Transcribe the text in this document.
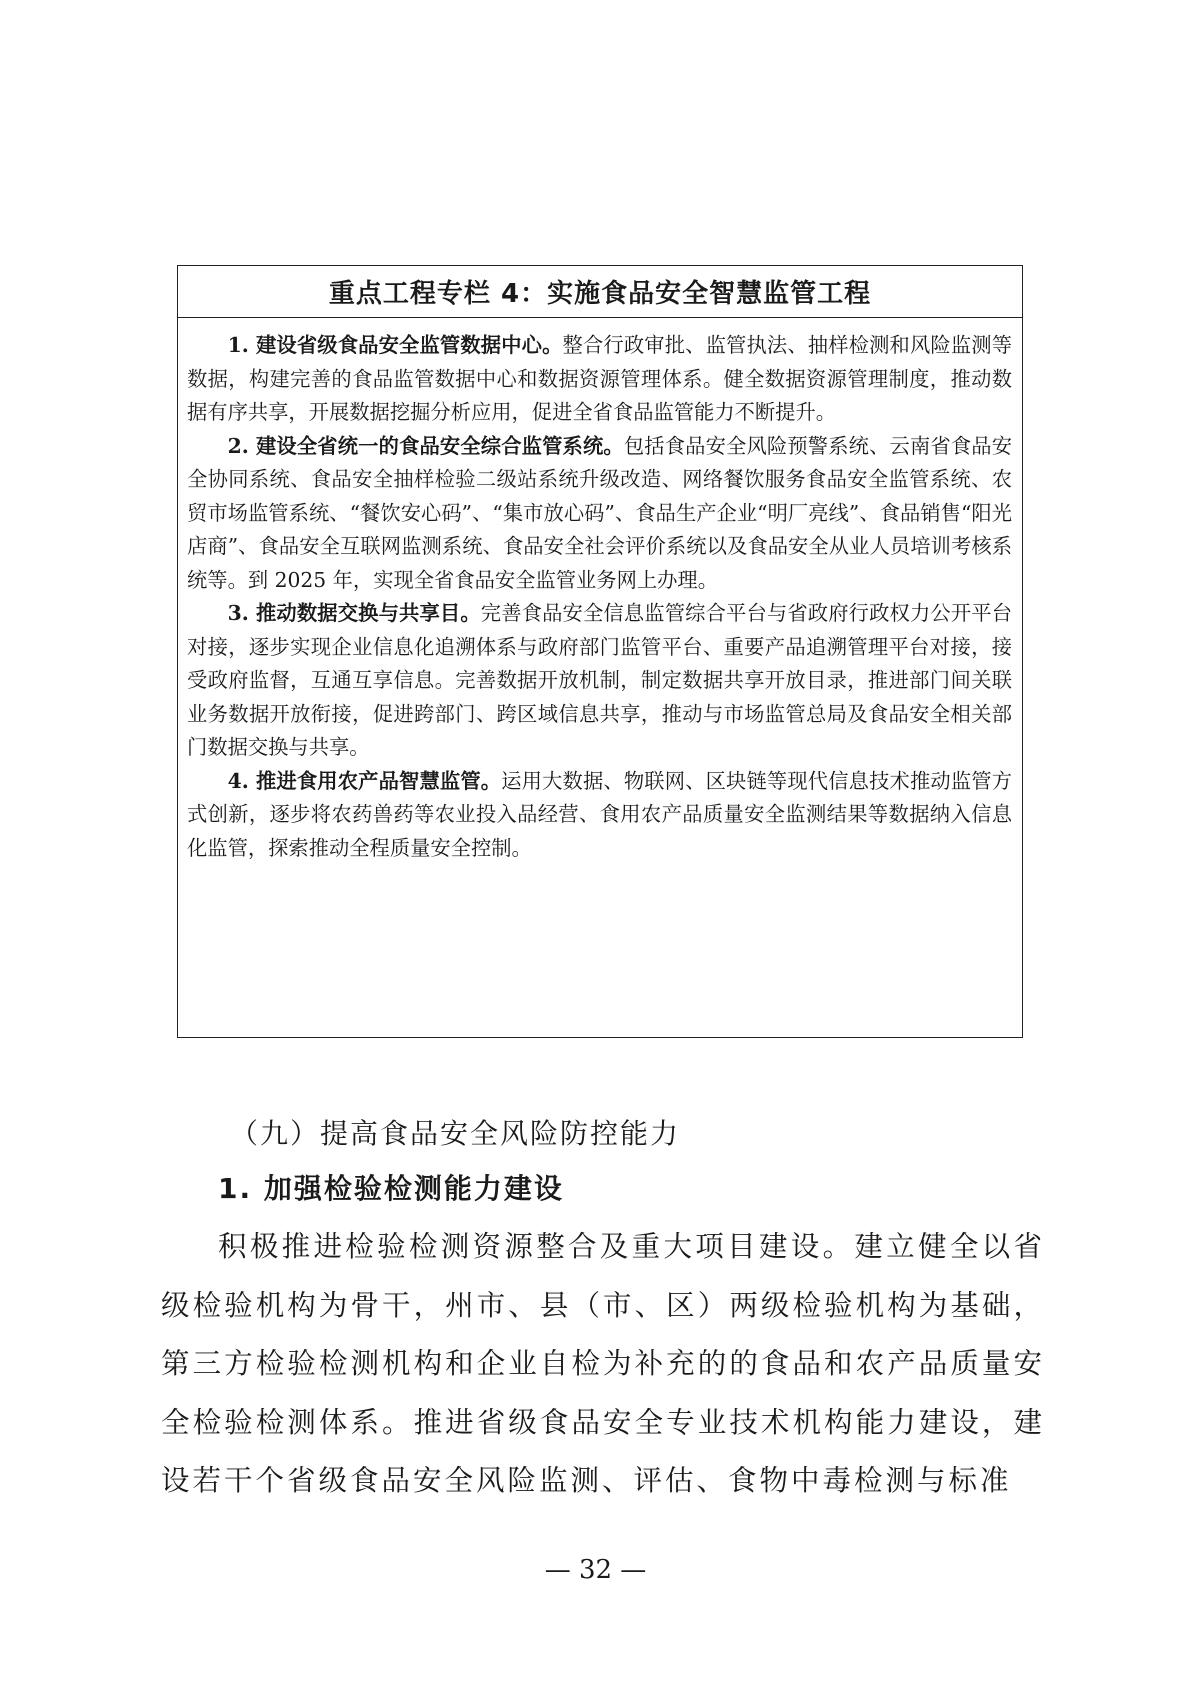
重点工程专栏 4：实施食品安全智慧监管工程

1. 建设省级食品安全监管数据中心。整合行政审批、监管执法、抽样检测和风险监测等数据，构建完善的食品监管数据中心和数据资源管理体系。健全数据资源管理制度，推动数据有序共享，开展数据挖掘分析应用，促进全省食品监管能力不断提升。

2. 建设全省统一的食品安全综合监管系统。包括食品安全风险预警系统、云南省食品安全协同系统、食品安全抽样检验二级站系统升级改造、网络餐饮服务食品安全监管系统、农贸市场监管系统、“餐饮安心码”、“集市放心码”、食品生产企业“明厂亮线”、食品销售“阳光店商”、食品安全互联网监测系统、食品安全社会评价系统以及食品安全从业人员培训考核系统等。到 2025 年，实现全省食品安全监管业务网上办理。

3. 推动数据交换与共享目。完善食品安全信息监管综合平台与省政府行政权力公开平台对接，逐步实现企业信息化追溯体系与政府部门监管平台、重要产品追溯管理平台对接，接受政府监督，互通互享信息。完善数据开放机制，制定数据共享开放目录，推进部门间关联业务数据开放衔接，促进跨部门、跨区域信息共享，推动与市场监管总局及食品安全相关部门数据交换与共享。

4. 推进食用农产品智慧监管。运用大数据、物联网、区块链等现代信息技术推动监管方式创新，逐步将农药兽药等农业投入品经营、食用农产品质量安全监测结果等数据纳入信息化监管，探索推动全程质量安全控制。

（九）提高食品安全风险防控能力
1. 加强检验检测能力建设

积极推进检验检测资源整合及重大项目建设。建立健全以省级检验机构为骨干，州市、县（市、区）两级检验机构为基础，第三方检验检测机构和企业自检为补充的的食品和农产品质量安全检验检测体系。推进省级食品安全专业技术机构能力建设，建设若干个省级食品安全风险监测、评估、食物中毒检测与标准

— 32 —
